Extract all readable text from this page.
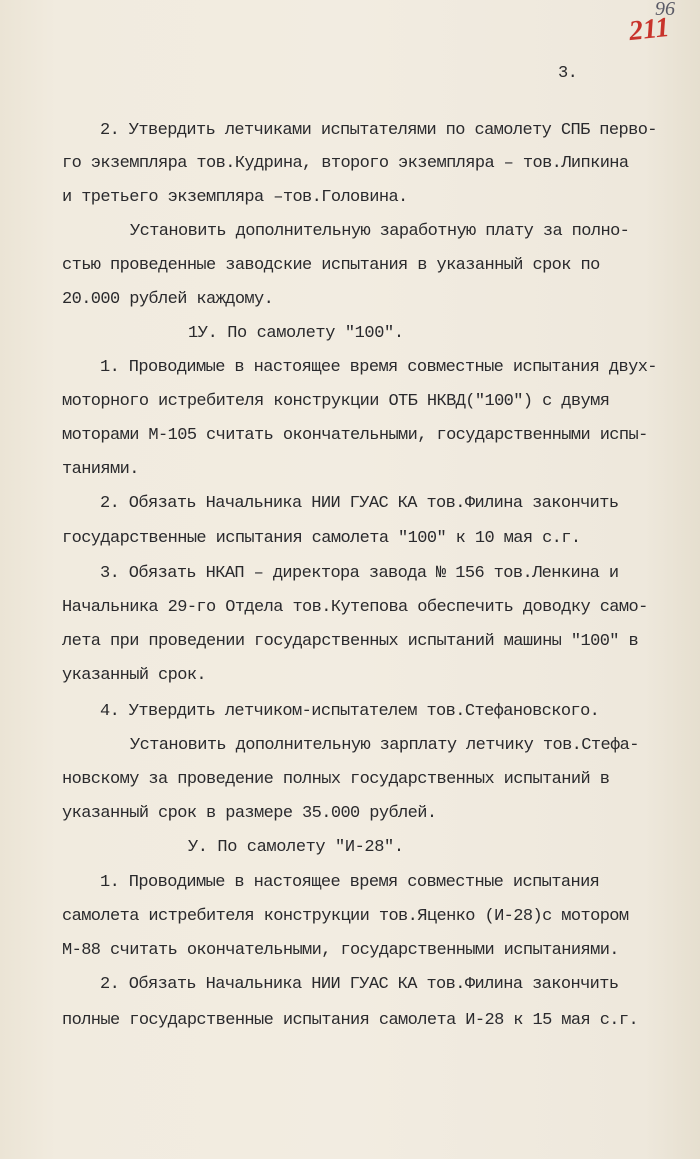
96
211
3.
2. Утвердить летчиками испытателями по самолету СПБ перво-
го экземпляра тов.Кудрина, второго экземпляра – тов.Липкина
и третьего экземпляра –тов.Головина.
Установить дополнительную заработную плату за полно-
стью проведенные заводские испытания в указанный срок по
20.000 рублей каждому.
1У. По самолету "100".
1. Проводимые в настоящее время совместные испытания двух-
моторного истребителя конструкции ОТБ НКВД("100") с двумя
моторами М-105 считать окончательными, государственными испы-
таниями.
2. Обязать Начальника НИИ ГУАС КА тов.Филина закончить
государственные испытания самолета "100" к 10 мая с.г.
3. Обязать НКАП – директора завода № 156 тов.Ленкина и
Начальника 29-го Отдела тов.Кутепова обеспечить доводку само-
лета при проведении государственных испытаний машины "100" в
указанный срок.
4. Утвердить летчиком-испытателем тов.Стефановского.
Установить дополнительную зарплату летчику тов.Стефа-
новскому за проведение полных государственных испытаний в
указанный срок в размере 35.000 рублей.
У. По самолету "И-28".
1. Проводимые в настоящее время совместные испытания
самолета истребителя конструкции тов.Яценко (И-28)с мотором
М-88 считать окончательными, государственными испытаниями.
2. Обязать Начальника НИИ ГУАС КА тов.Филина закончить
полные государственные испытания самолета И-28 к 15 мая с.г.
